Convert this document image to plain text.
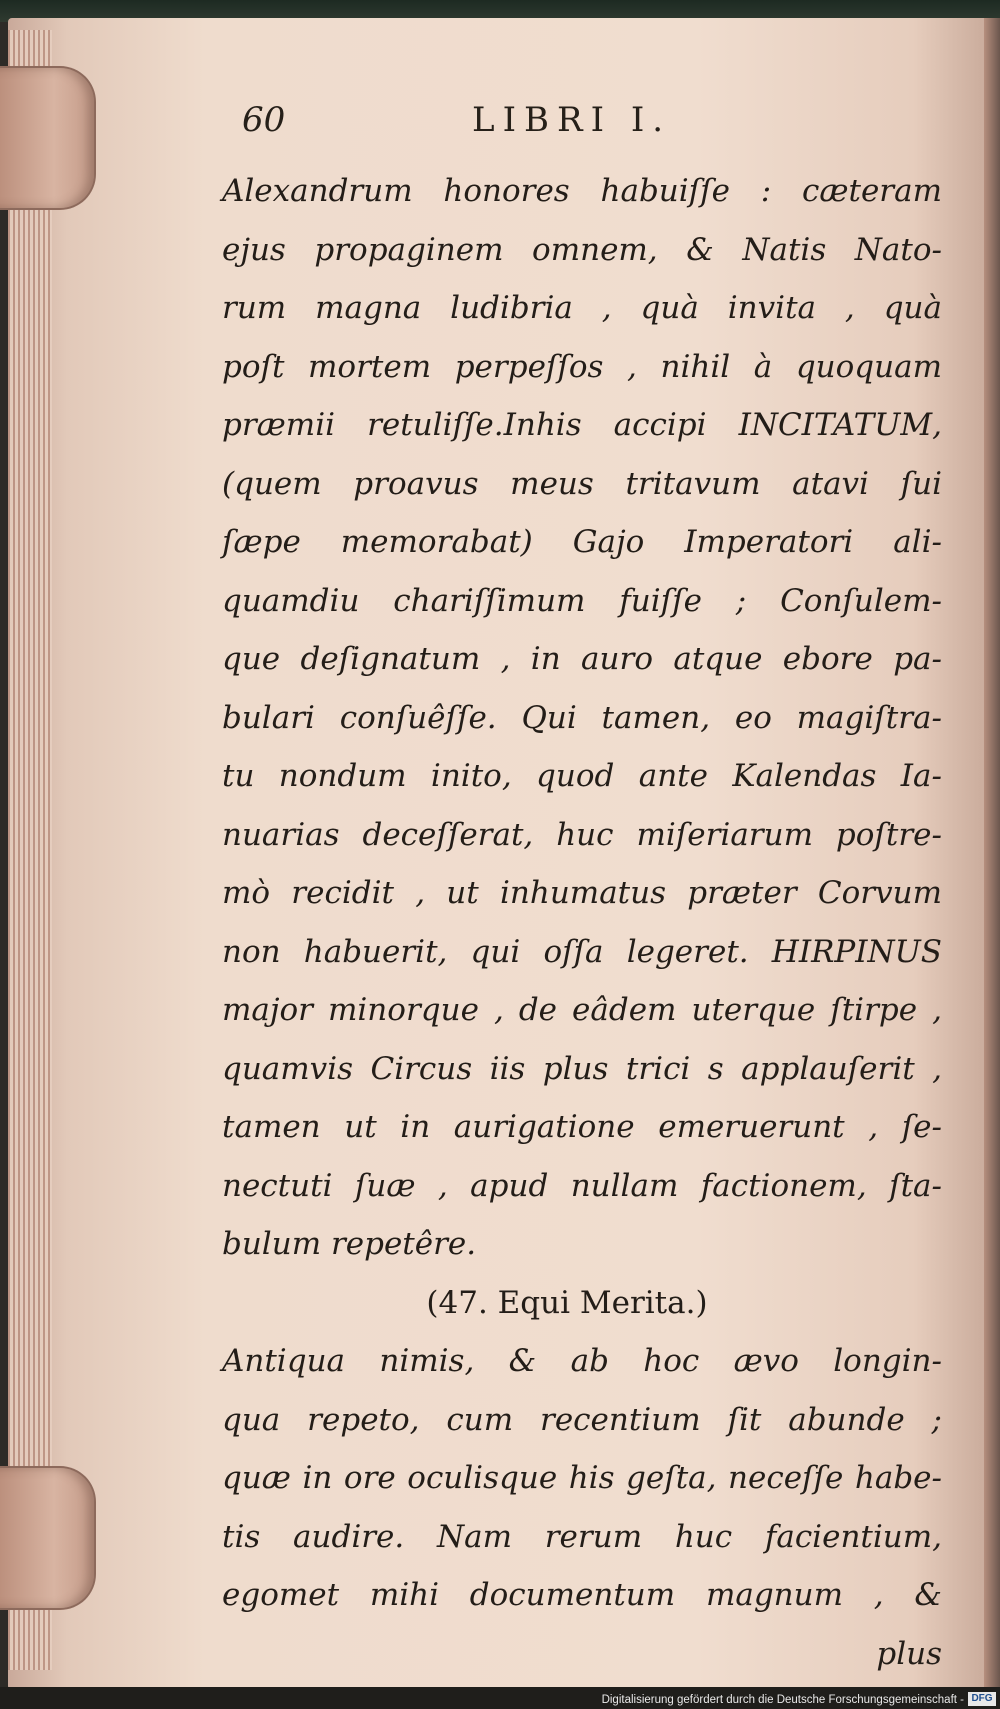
60	LIBRI I.
Alexandrum honores habuiſſe : cæteram
ejus propaginem omnem, & Natis Nato-
rum magna ludibria , quà invita , quà
poſt mortem perpeſſos , nihil à quoquam
præmii retuliſſe.Inhis accipi INCITATUM,
(quem proavus meus tritavum atavi ſui
ſæpe memorabat) Gajo Imperatori ali-
quamdiu chariſſimum fuiſſe ; Conſulem-
que deſignatum , in auro atque ebore pa-
bulari conſuêſſe. Qui tamen, eo magiſtra-
tu nondum inito, quod ante Kalendas Ia-
nuarias deceſſerat, huc miſeriarum poſtre-
mò recidit , ut inhumatus præter Corvum
non habuerit, qui oſſa legeret. HIRPINUS
major minorque , de eâdem uterque ſtirpe ,
quamvis Circus iis plus trici s applauſerit ,
tamen ut in aurigatione emeruerunt , ſe-
nectuti ſuæ , apud nullam factionem, ſta-
bulum repetêre.
(47. Equi Merita.)
Antiqua nimis, & ab hoc ævo longin-
qua repeto, cum recentium ſit abunde ;
quæ in ore oculisque his geſta, neceſſe habe-
tis audire. Nam rerum huc facientium,
egomet mihi documentum magnum , &
plus
Digitalisierung gefördert durch die Deutsche Forschungsgemeinschaft - DFG
